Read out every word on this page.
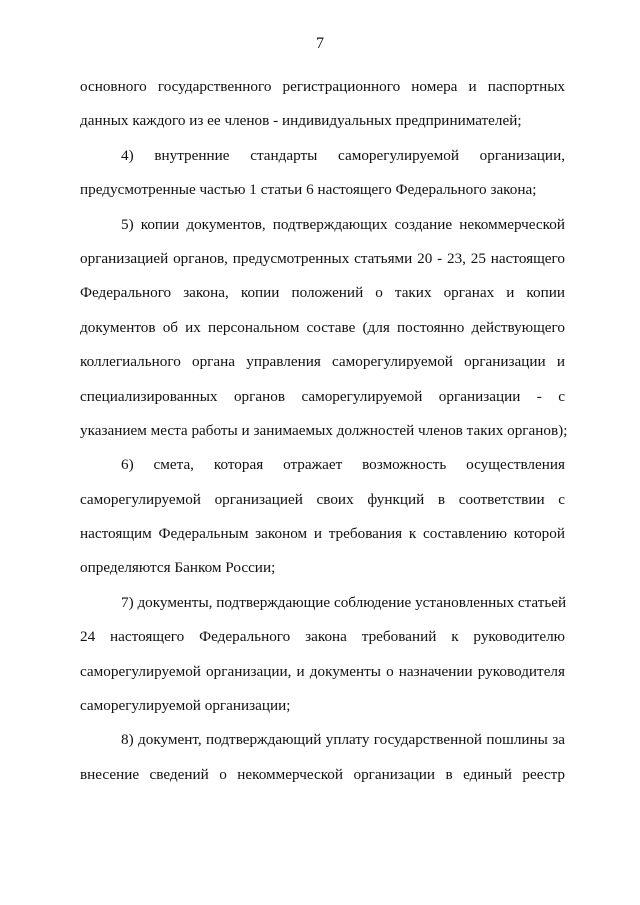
7
основного государственного регистрационного номера и паспортных
данных каждого из ее членов - индивидуальных предпринимателей;
4) внутренние стандарты саморегулируемой организации,
предусмотренные частью 1 статьи 6 настоящего Федерального закона;
5) копии документов, подтверждающих создание некоммерческой
организацией органов, предусмотренных статьями 20 - 23, 25 настоящего
Федерального закона, копии положений о таких органах и копии
документов об их персональном составе (для постоянно действующего
коллегиального органа управления саморегулируемой организации и
специализированных органов саморегулируемой организации - с
указанием места работы и занимаемых должностей членов таких органов);
6) смета, которая отражает возможность осуществления
саморегулируемой организацией своих функций в соответствии с
настоящим Федеральным законом и требования к составлению которой
определяются Банком России;
7) документы, подтверждающие соблюдение установленных статьей
24 настоящего Федерального закона требований к руководителю
саморегулируемой организации, и документы о назначении руководителя
саморегулируемой организации;
8) документ, подтверждающий уплату государственной пошлины за
внесение сведений о некоммерческой организации в единый реестр
